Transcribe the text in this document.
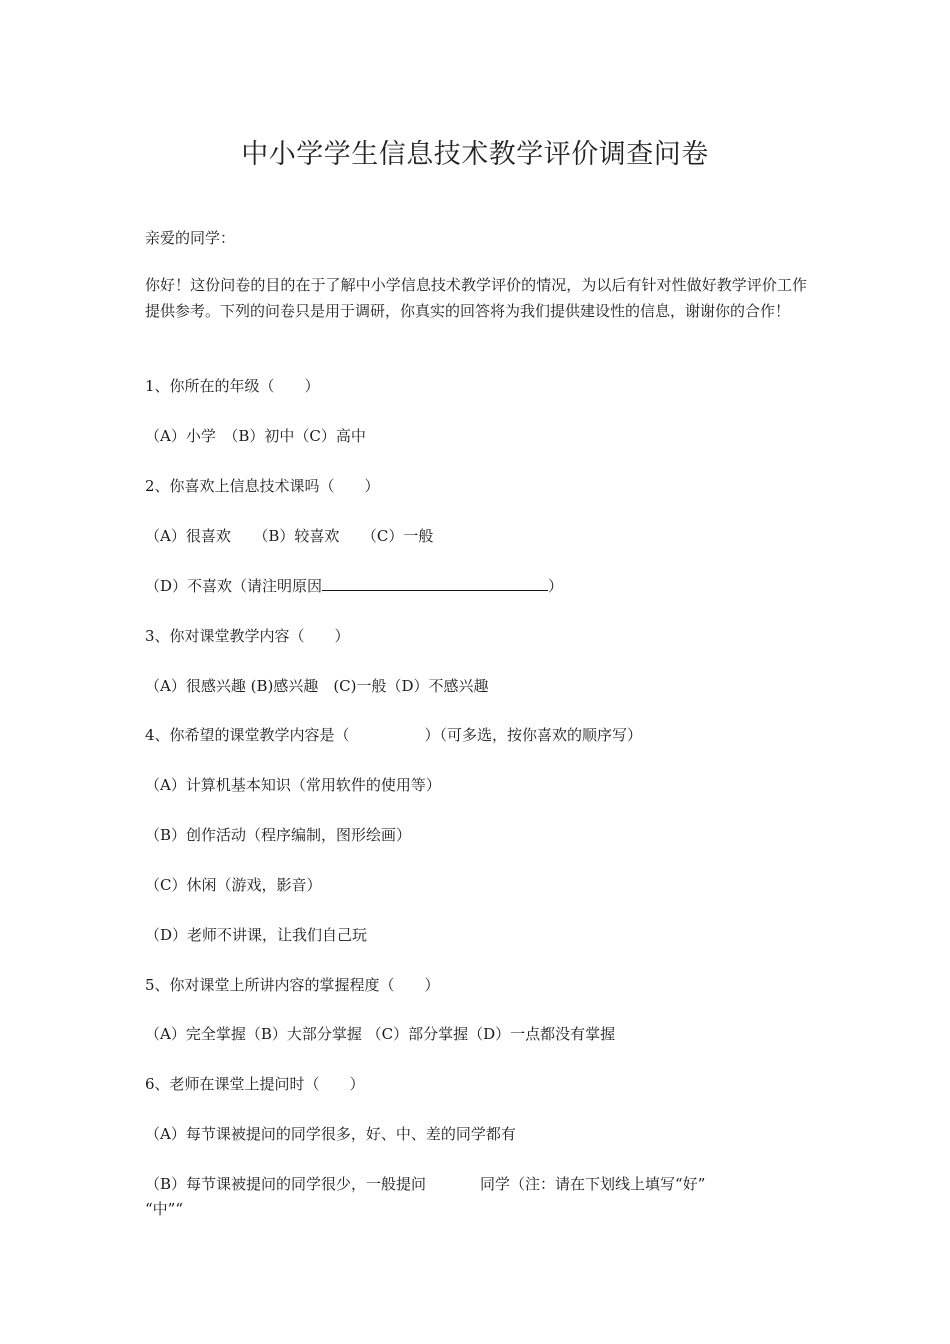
中小学学生信息技术教学评价调查问卷
亲爱的同学：
你好！这份问卷的目的在于了解中小学信息技术教学评价的情况，为以后有针对性做好教学评价工作提供参考。下列的问卷只是用于调研，你真实的回答将为我们提供建设性的信息，谢谢你的合作！
1、你所在的年级（　　）
（A）小学　（B）初中（C）高中
2、你喜欢上信息技术课吗（　　）
（A）很喜欢　　（B）较喜欢　　（C）一般
（D）不喜欢（请注明原因	）
3、你对课堂教学内容（　　）
（A）很感兴趣 (B)感兴趣　(C)一般（D）不感兴趣
4、你希望的课堂教学内容是（　　　　　）（可多选，按你喜欢的顺序写）
（A）计算机基本知识（常用软件的使用等）
（B）创作活动（程序编制，图形绘画）
（C）休闲（游戏，影音）
（D）老师不讲课，让我们自己玩
5、你对课堂上所讲内容的掌握程度（　　）
（A）完全掌握（B）大部分掌握 （C）部分掌握（D）一点都没有掌握
6、老师在课堂上提问时（　　）
（A）每节课被提问的同学很多，好、中、差的同学都有
（B）每节课被提问的同学很少，一般提问	同学（注：请在下划线上填写“好”
“中”“
